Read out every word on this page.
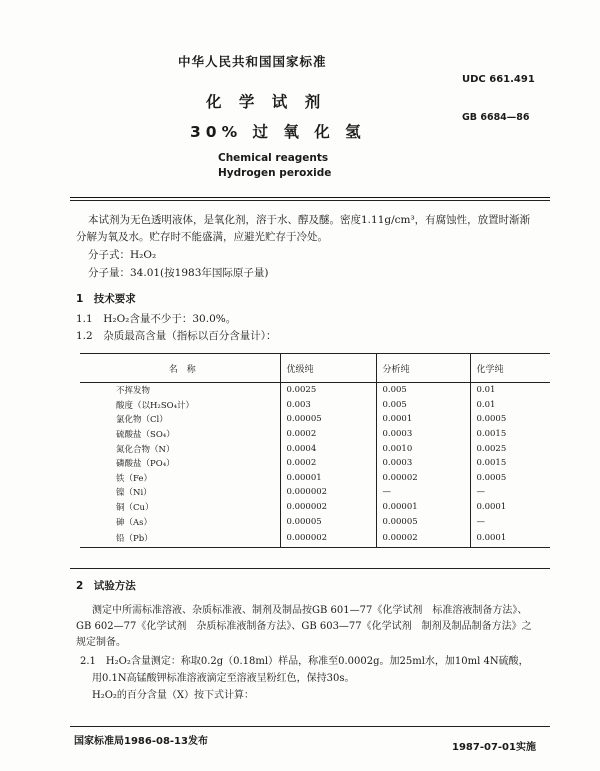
中华人民共和国国家标准
UDC 661.491
GB 6684—86
化 学 试 剂
30% 过 氧 化 氢
Chemical reagents
Hydrogen peroxide
本试剂为无色透明液体，是氧化剂，溶于水、醇及醚。密度1.11g/cm³，有腐蚀性，放置时渐渐
分解为氧及水。贮存时不能盛满，应避光贮存于冷处。
分子式：H₂O₂
分子量：34.01(按1983年国际原子量)
1　技术要求
1.1　H₂O₂含量不少于：30.0%。
1.2　杂质最高含量（指标以百分含量计）：
名　称	优级纯	分析纯	化学纯
不挥发物	0.0025	0.005	0.01
酸度（以H₂SO₄计）	0.003	0.005	0.01
氯化物（Cl）	0.00005	0.0001	0.0005
硫酸盐（SO₄）	0.0002	0.0003	0.0015
氮化合物（N）	0.0004	0.0010	0.0025
磷酸盐（PO₄）	0.0002	0.0003	0.0015
铁（Fe）	0.00001	0.00002	0.0005
镍（Ni）	0.000002	—	—
铜（Cu）	0.000002	0.00001	0.0001
砷（As）	0.00005	0.00005	—
铅（Pb）	0.000002	0.00002	0.0001
2　试验方法
测定中所需标准溶液、杂质标准液、制剂及制品按GB 601—77《化学试剂　标准溶液制备方法》、
GB 602—77《化学试剂　杂质标准液制备方法》、GB 603—77《化学试剂　制剂及制品制备方法》之
规定制备。
2.1　H₂O₂含量测定：称取0.2g（0.18ml）样品，称准至0.0002g。加25ml水，加10ml 4N硫酸，
用0.1N高锰酸钾标准溶液滴定至溶液呈粉红色，保持30s。
H₂O₂的百分含量（X）按下式计算：
国家标准局1986-08-13发布
1987-07-01实施
